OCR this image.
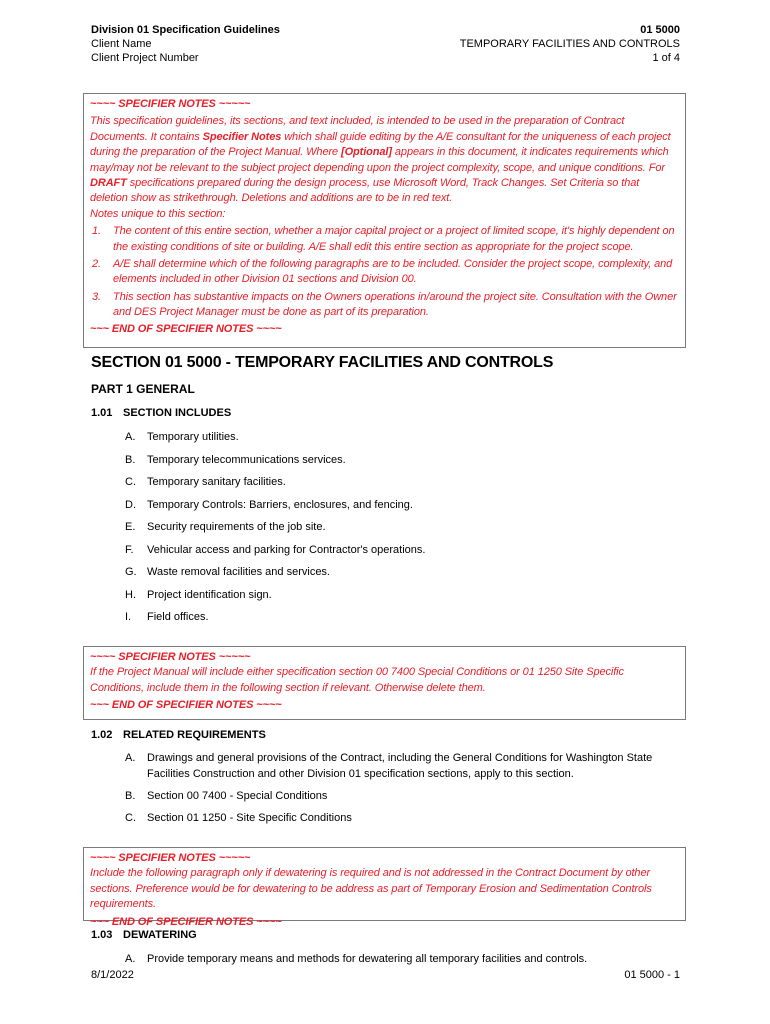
Division 01 Specification Guidelines
Client Name
Client Project Number
01 5000
TEMPORARY FACILITIES AND CONTROLS
1 of 4

~~~~ SPECIFIER NOTES ~~~~~

This specification guidelines, its sections, and text included, is intended to be used in the preparation of Contract Documents. It contains Specifier Notes which shall guide editing by the A/E consultant for the uniqueness of each project during the preparation of the Project Manual. Where [Optional] appears in this document, it indicates requirements which may/may not be relevant to the subject project depending upon the project complexity, scope, and unique conditions. For DRAFT specifications prepared during the design process, use Microsoft Word, Track Changes. Set Criteria so that deletion show as strikethrough. Deletions and additions are to be in red text.

Notes unique to this section:

1. The content of this entire section, whether a major capital project or a project of limited scope, it's highly dependent on the existing conditions of site or building. A/E shall edit this entire section as appropriate for the project scope.
2. A/E shall determine which of the following paragraphs are to be included. Consider the project scope, complexity, and elements included in other Division 01 sections and Division 00.
3. This section has substantive impacts on the Owners operations in/around the project site. Consultation with the Owner and DES Project Manager must be done as part of its preparation.

~~~ END OF SPECIFIER NOTES ~~~~

SECTION 01 5000 - TEMPORARY FACILITIES AND CONTROLS
PART 1 GENERAL
1.01 SECTION INCLUDES
A.	Temporary utilities.
B.	Temporary telecommunications services.
C.	Temporary sanitary facilities.
D.	Temporary Controls: Barriers, enclosures, and fencing.
E.	Security requirements of the job site.
F.	Vehicular access and parking for Contractor's operations.
G. Waste removal facilities and services.
H.	Project identification sign.
I.	Field offices.

~~~~ SPECIFIER NOTES ~~~~~

If the Project Manual will include either specification section 00 7400 Special Conditions or 01 1250 Site Specific Conditions, include them in the following section if relevant. Otherwise delete them.

~~~ END OF SPECIFIER NOTES ~~~~

1.02 RELATED REQUIREMENTS
A.	Drawings and general provisions of the Contract, including the General Conditions for Washington State Facilities Construction and other Division 01 specification sections, apply to this section.
B.	Section 00 7400 - Special Conditions
C.	Section 01 1250 - Site Specific Conditions

~~~~ SPECIFIER NOTES ~~~~~

Include the following paragraph only if dewatering is required and is not addressed in the Contract Document by other sections. Preference would be for dewatering to be address as part of Temporary Erosion and Sedimentation Controls requirements.

~~~ END OF SPECIFIER NOTES ~~~~

1.03 DEWATERING
A.	Provide temporary means and methods for dewatering all temporary facilities and controls.
8/1/2022	01 5000 - 1
